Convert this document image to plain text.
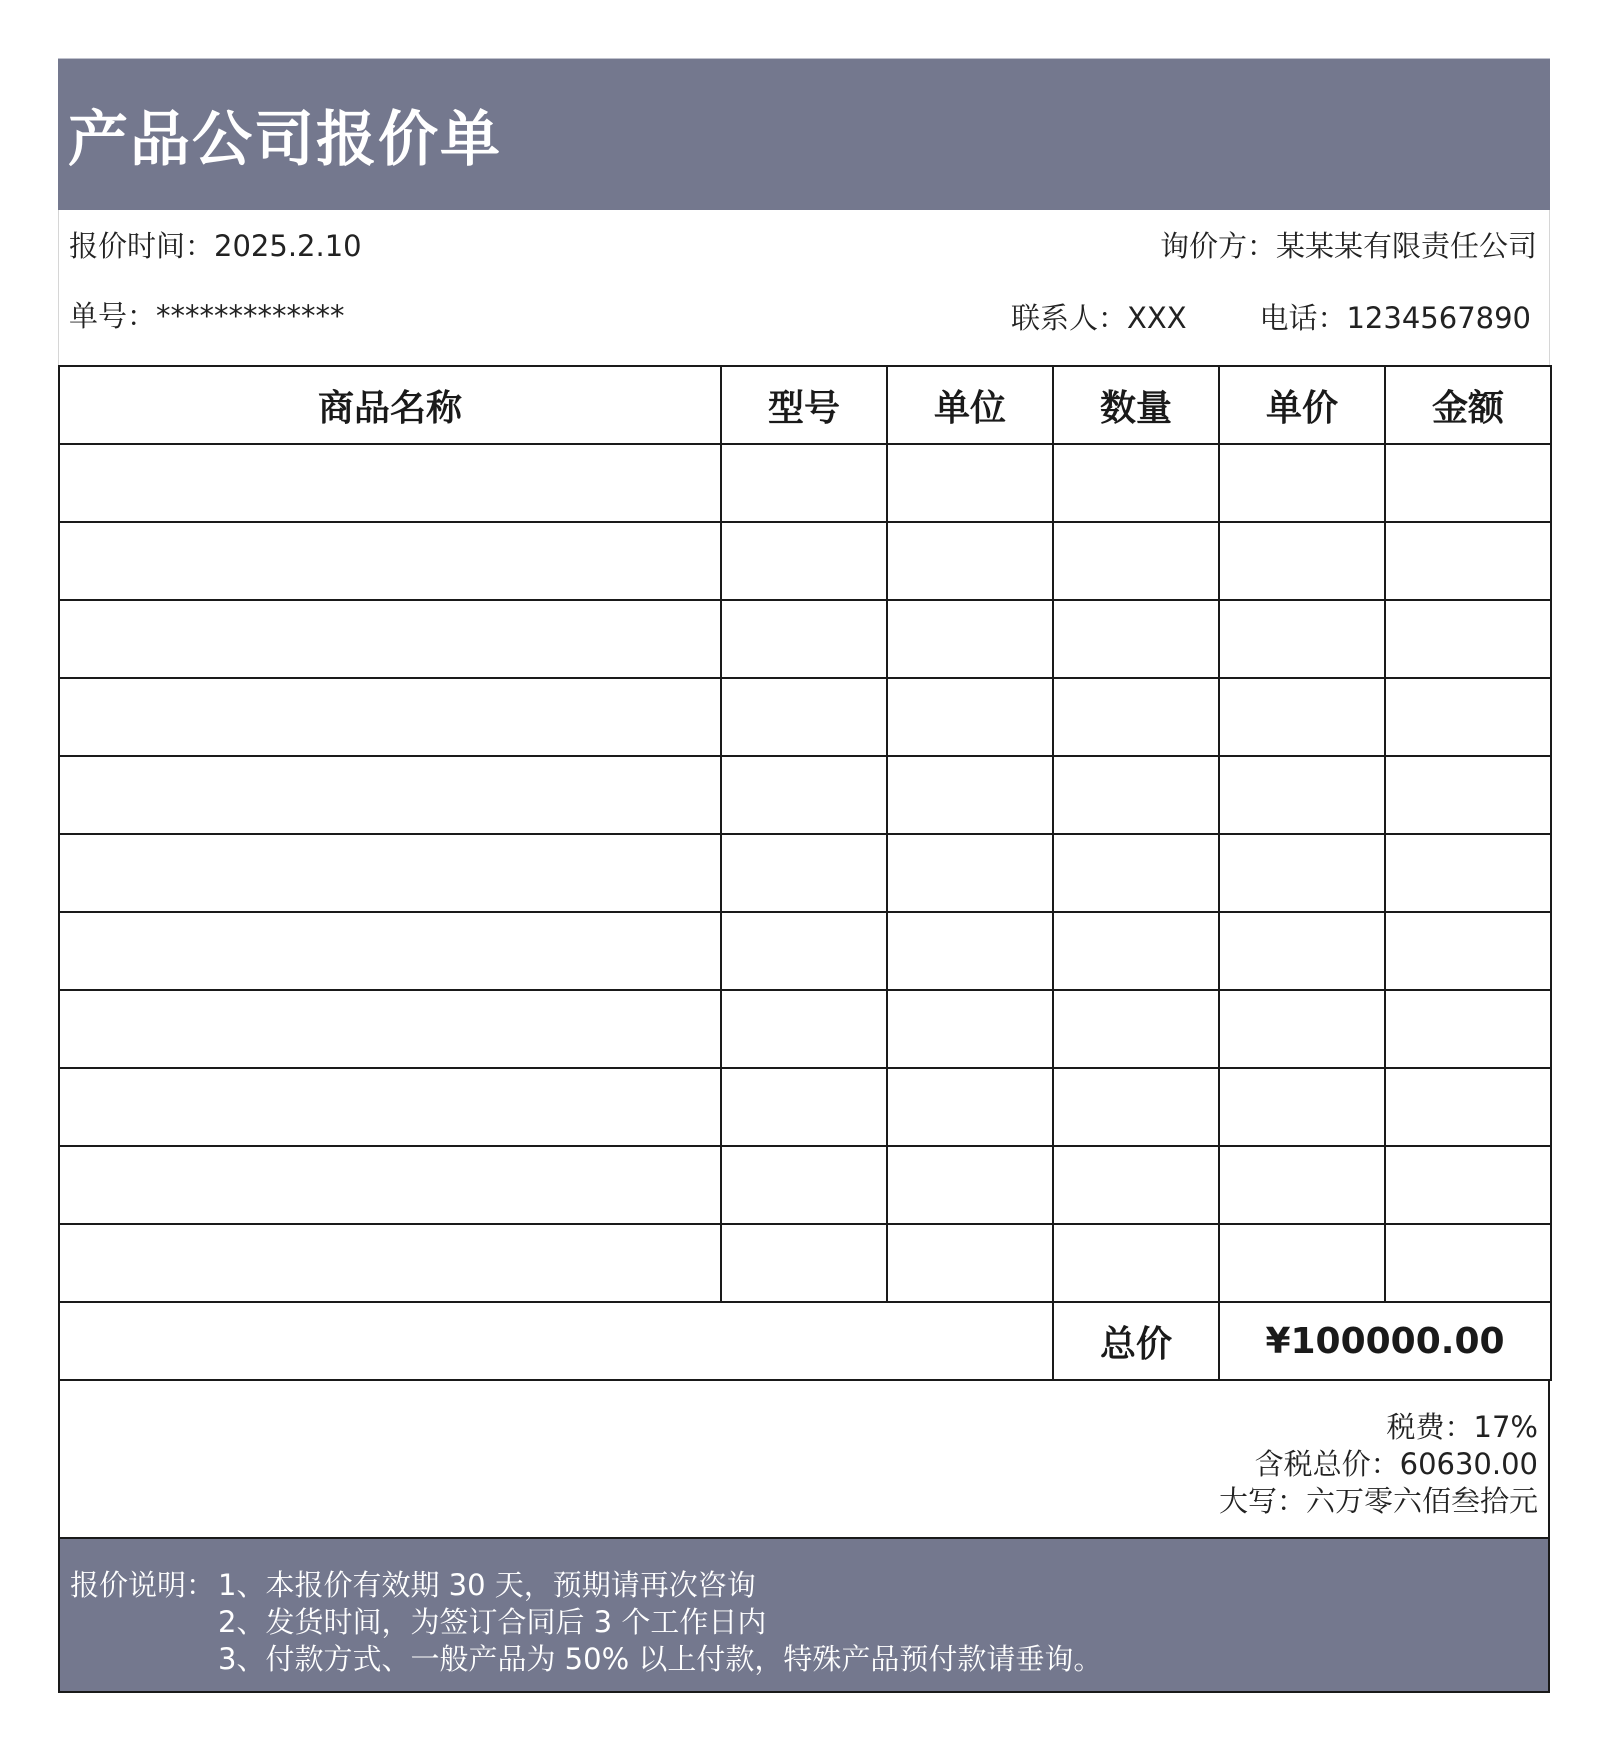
产品公司报价单
报价时间：2025.2.10	询价方：某某某有限责任公司
单号：*************	联系人：XXX	电话：1234567890
商品名称	型号	单位	数量	单价	金额

			总价	¥100000.00	
税费：17%
含税总价：60630.00
大写：六万零六佰叁拾元
报价说明： 1、本报价有效期 30 天，预期请再次咨询
2、发货时间，为签订合同后 3 个工作日内
3、付款方式、一般产品为 50% 以上付款，特殊产品预付款请垂询。
